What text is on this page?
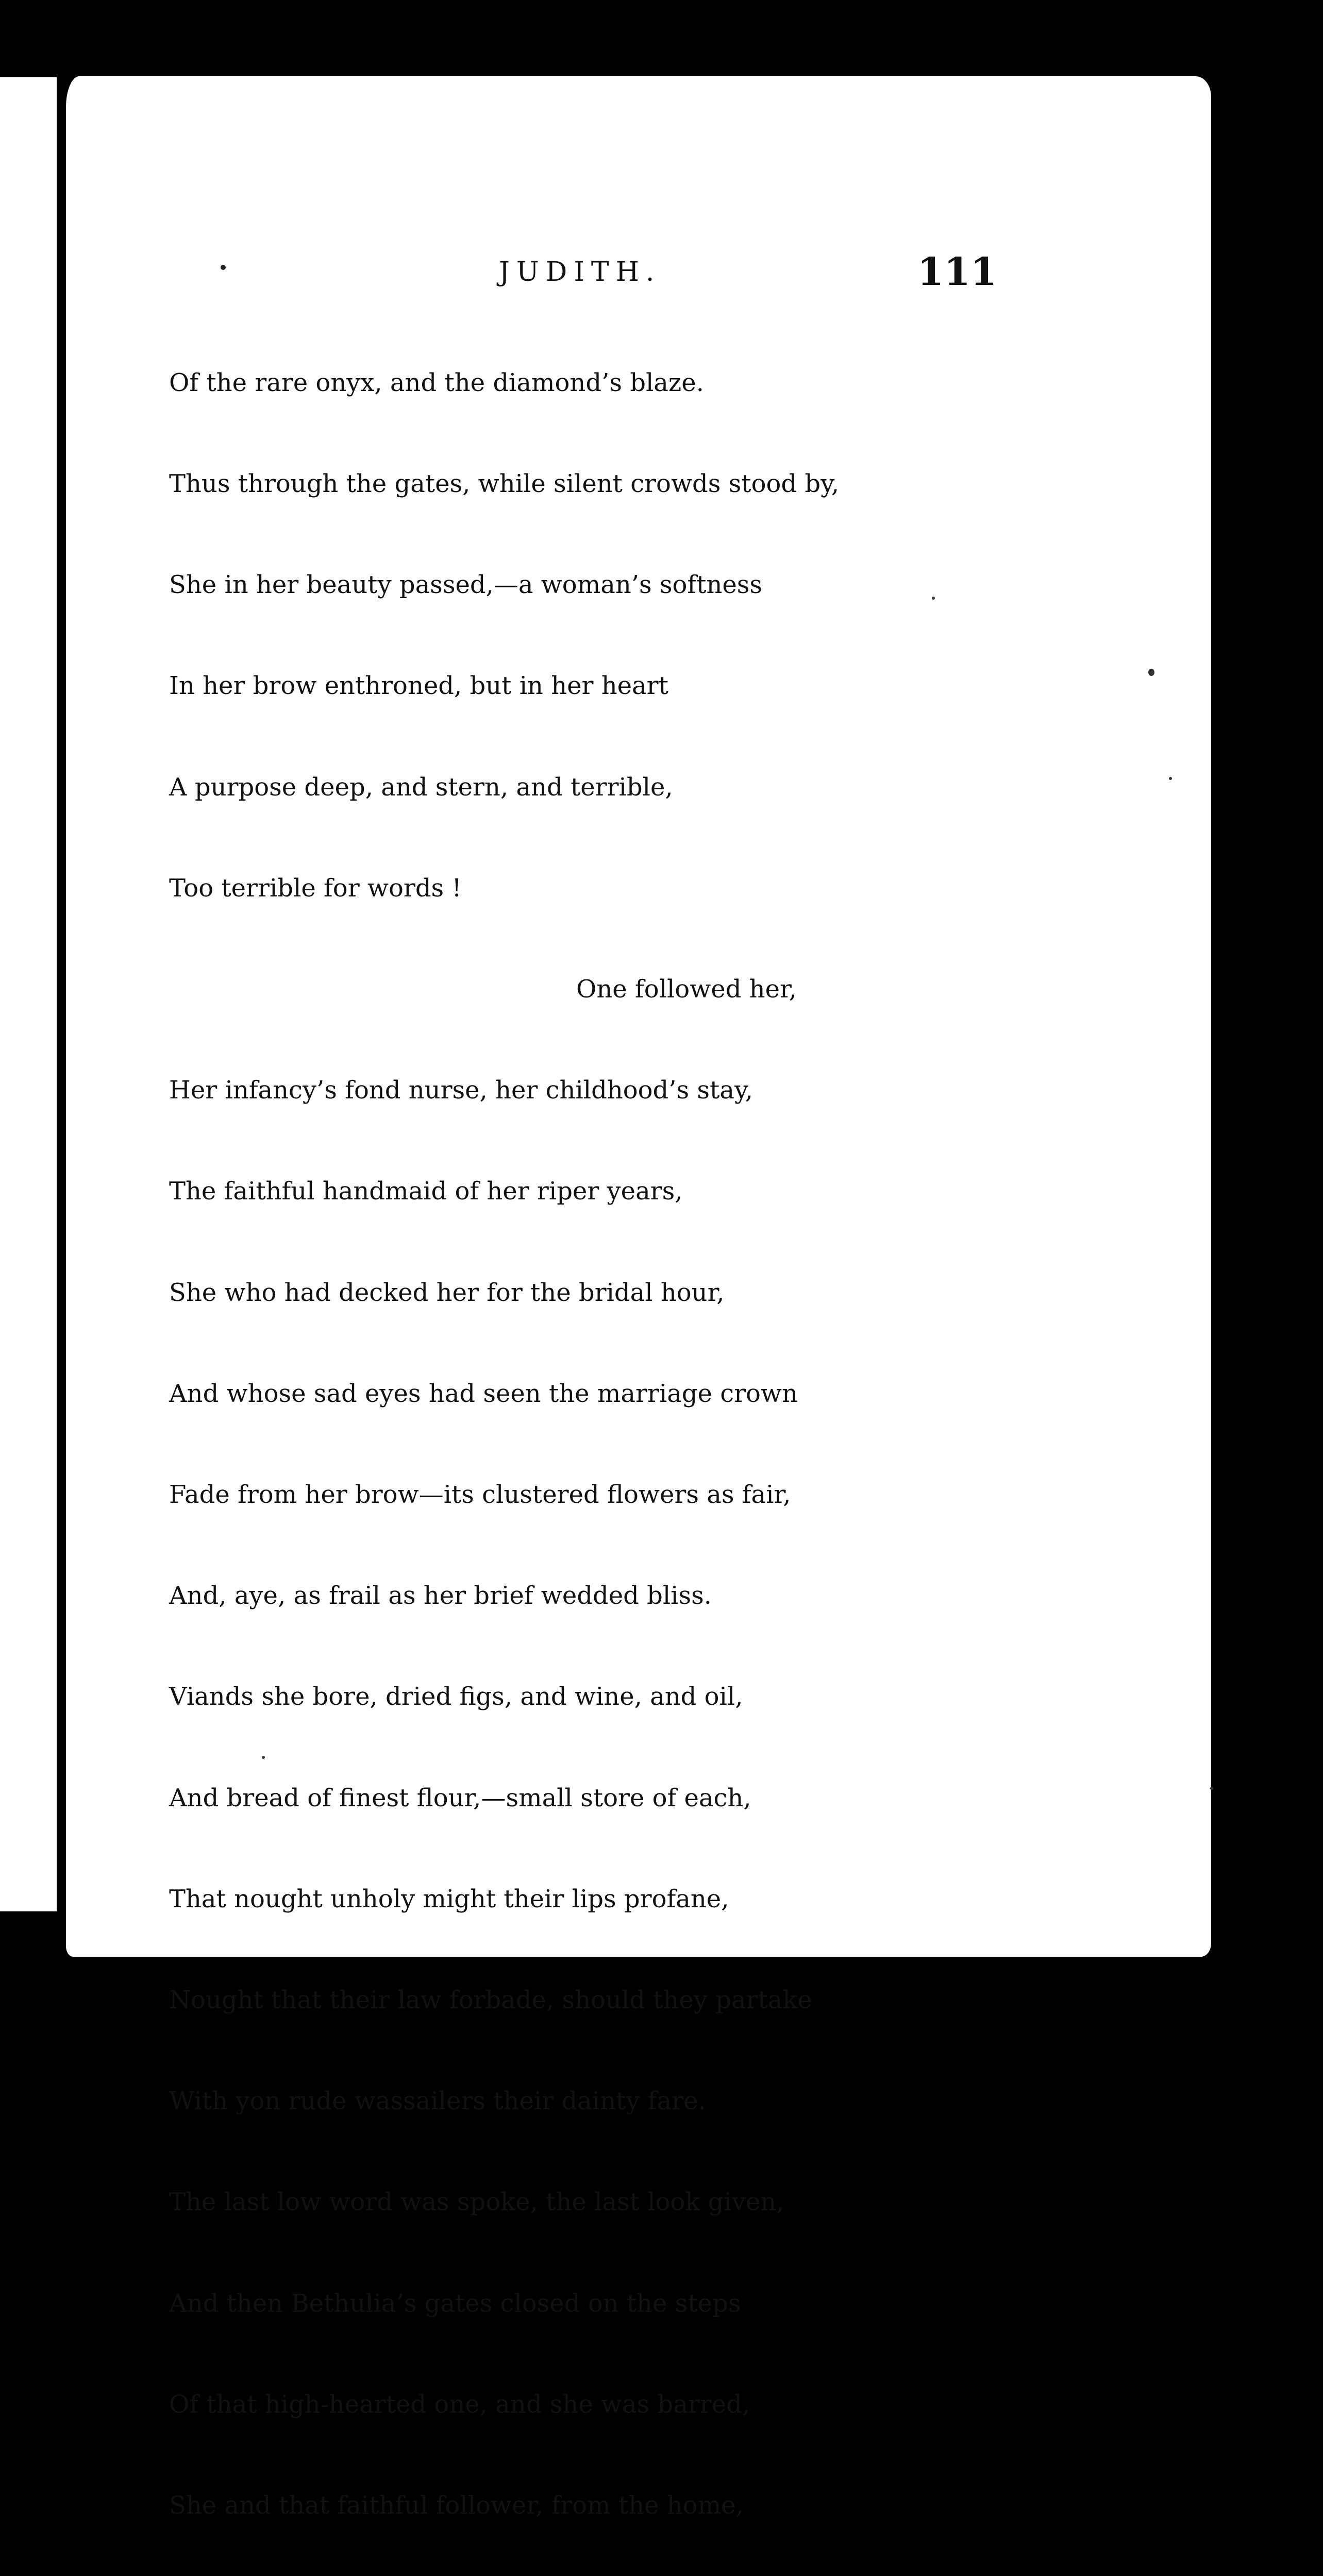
JUDITH.	111

Of the rare onyx, and the diamond’s blaze.

Thus through the gates, while silent crowds stood by,

She in her beauty passed,—a woman’s softness

In her brow enthroned, but in her heart

A purpose deep, and stern, and terrible,

Too terrible for words !

One followed her,

Her infancy’s fond nurse, her childhood’s stay,

The faithful handmaid of her riper years,

She who had decked her for the bridal hour,

And whose sad eyes had seen the marriage crown

Fade from her brow—its clustered flowers as fair,

And, aye, as frail as her brief wedded bliss.

Viands she bore, dried figs, and wine, and oil,

And bread of finest flour,—small store of each,

That nought unholy might their lips profane,

Nought that their law forbade, should they partake

With yon rude wassailers their dainty fare.

The last low word was spoke, the last look given,

And then Bethulia’s gates closed on the steps

Of that high-hearted one, and she was barred,

She and that faithful follower, from the home,
